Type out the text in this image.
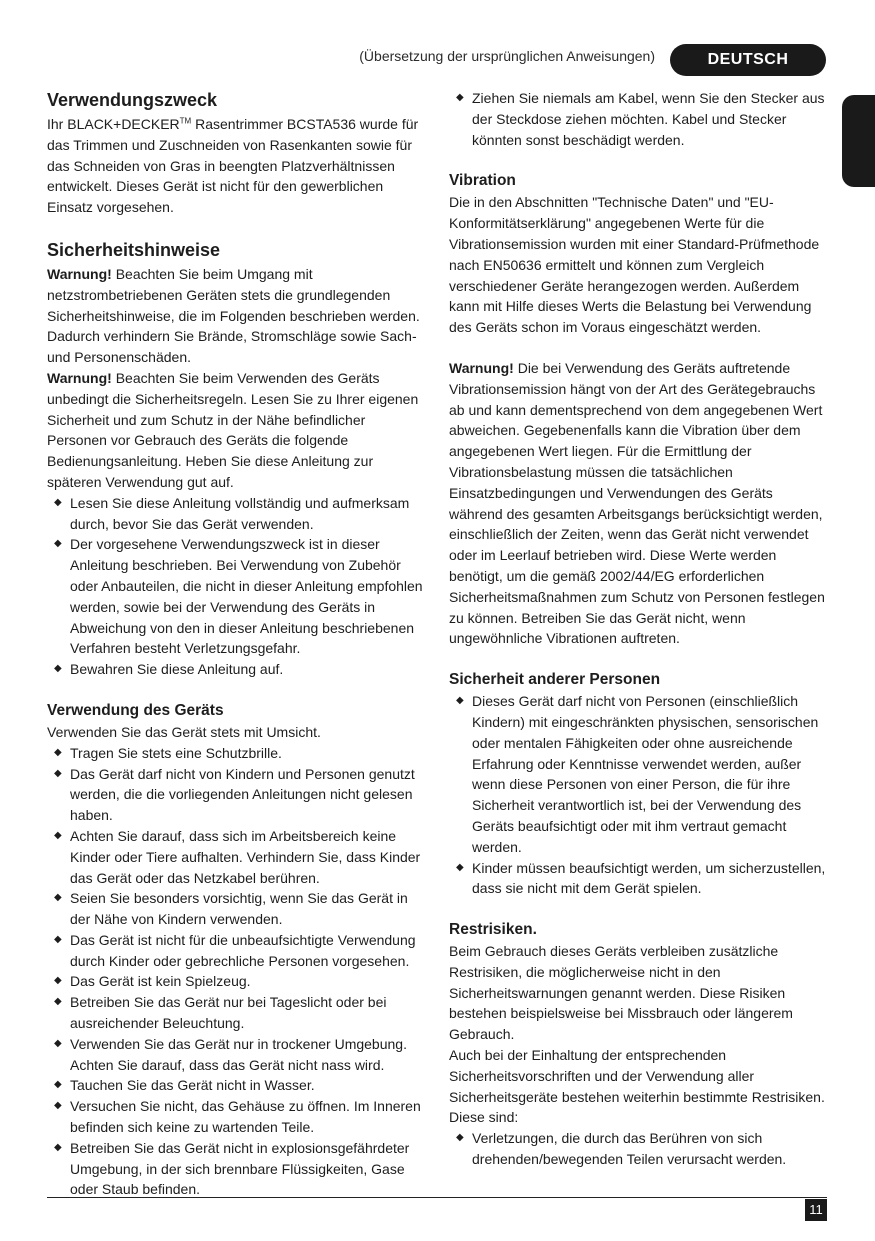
(Übersetzung der ursprünglichen Anweisungen)	DEUTSCH
Verwendungszweck

Ihr BLACK+DECKER™ Rasentrimmer BCSTA536 wurde für das Trimmen und Zuschneiden von Rasenkanten sowie für das Schneiden von Gras in beengten Platzverhältnissen entwickelt. Dieses Gerät ist nicht für den gewerblichen Einsatz vorgesehen.

Sicherheitshinweise

Warnung! Beachten Sie beim Umgang mit netzstrombetriebenen Geräten stets die grundlegenden Sicherheitshinweise, die im Folgenden beschrieben werden. Dadurch verhindern Sie Brände, Stromschläge sowie Sach- und Personenschäden.

Warnung! Beachten Sie beim Verwenden des Geräts unbedingt die Sicherheitsregeln. Lesen Sie zu Ihrer eigenen Sicherheit und zum Schutz in der Nähe befindlicher Personen vor Gebrauch des Geräts die folgende Bedienungsanleitung. Heben Sie diese Anleitung zur späteren Verwendung gut auf.

◆ Lesen Sie diese Anleitung vollständig und aufmerksam durch, bevor Sie das Gerät verwenden.
◆ Der vorgesehene Verwendungszweck ist in dieser Anleitung beschrieben. Bei Verwendung von Zubehör oder Anbauteilen, die nicht in dieser Anleitung empfohlen werden, sowie bei der Verwendung des Geräts in Abweichung von den in dieser Anleitung beschriebenen Verfahren besteht Verletzungsgefahr.
◆ Bewahren Sie diese Anleitung auf.
Verwendung des Geräts

Verwenden Sie das Gerät stets mit Umsicht.

◆ Tragen Sie stets eine Schutzbrille.
◆ Das Gerät darf nicht von Kindern und Personen genutzt werden, die die vorliegenden Anleitungen nicht gelesen haben.
◆ Achten Sie darauf, dass sich im Arbeitsbereich keine Kinder oder Tiere aufhalten. Verhindern Sie, dass Kinder das Gerät oder das Netzkabel berühren.
◆ Seien Sie besonders vorsichtig, wenn Sie das Gerät in der Nähe von Kindern verwenden.
◆ Das Gerät ist nicht für die unbeaufsichtigte Verwendung durch Kinder oder gebrechliche Personen vorgesehen.
◆ Das Gerät ist kein Spielzeug.
◆ Betreiben Sie das Gerät nur bei Tageslicht oder bei ausreichender Beleuchtung.
◆ Verwenden Sie das Gerät nur in trockener Umgebung. Achten Sie darauf, dass das Gerät nicht nass wird.
◆ Tauchen Sie das Gerät nicht in Wasser.
◆ Versuchen Sie nicht, das Gehäuse zu öffnen. Im Inneren befinden sich keine zu wartenden Teile.
◆ Betreiben Sie das Gerät nicht in explosionsgefährdeter Umgebung, in der sich brennbare Flüssigkeiten, Gase oder Staub befinden.
◆ Ziehen Sie niemals am Kabel, wenn Sie den Stecker aus der Steckdose ziehen möchten. Kabel und Stecker könnten sonst beschädigt werden.
Vibration

Die in den Abschnitten "Technische Daten" und "EU-Konformitätserklärung" angegebenen Werte für die Vibrationsemission wurden mit einer Standard-Prüfmethode nach EN50636 ermittelt und können zum Vergleich verschiedener Geräte herangezogen werden. Außerdem kann mit Hilfe dieses Werts die Belastung bei Verwendung des Geräts schon im Voraus eingeschätzt werden.

Warnung! Die bei Verwendung des Geräts auftretende Vibrationsemission hängt von der Art des Gerätegebrauchs ab und kann dementsprechend von dem angegebenen Wert abweichen. Gegebenenfalls kann die Vibration über dem angegebenen Wert liegen. Für die Ermittlung der Vibrationsbelastung müssen die tatsächlichen Einsatzbedingungen und Verwendungen des Geräts während des gesamten Arbeitsgangs berücksichtigt werden, einschließlich der Zeiten, wenn das Gerät nicht verwendet oder im Leerlauf betrieben wird. Diese Werte werden benötigt, um die gemäß 2002/44/EG erforderlichen Sicherheitsmaßnahmen zum Schutz von Personen festlegen zu können. Betreiben Sie das Gerät nicht, wenn ungewöhnliche Vibrationen auftreten.

Sicherheit anderer Personen
◆ Dieses Gerät darf nicht von Personen (einschließlich Kindern) mit eingeschränkten physischen, sensorischen oder mentalen Fähigkeiten oder ohne ausreichende Erfahrung oder Kenntnisse verwendet werden, außer wenn diese Personen von einer Person, die für ihre Sicherheit verantwortlich ist, bei der Verwendung des Geräts beaufsichtigt oder mit ihm vertraut gemacht werden.
◆ Kinder müssen beaufsichtigt werden, um sicherzustellen, dass sie nicht mit dem Gerät spielen.
Restrisiken.

Beim Gebrauch dieses Geräts verbleiben zusätzliche Restrisiken, die möglicherweise nicht in den Sicherheitswarnungen genannt werden. Diese Risiken bestehen beispielsweise bei Missbrauch oder längerem Gebrauch.

Auch bei der Einhaltung der entsprechenden Sicherheitsvorschriften und der Verwendung aller Sicherheitsgeräte bestehen weiterhin bestimmte Restrisiken. Diese sind:

◆ Verletzungen, die durch das Berühren von sich drehenden/bewegenden Teilen verursacht werden.
11
